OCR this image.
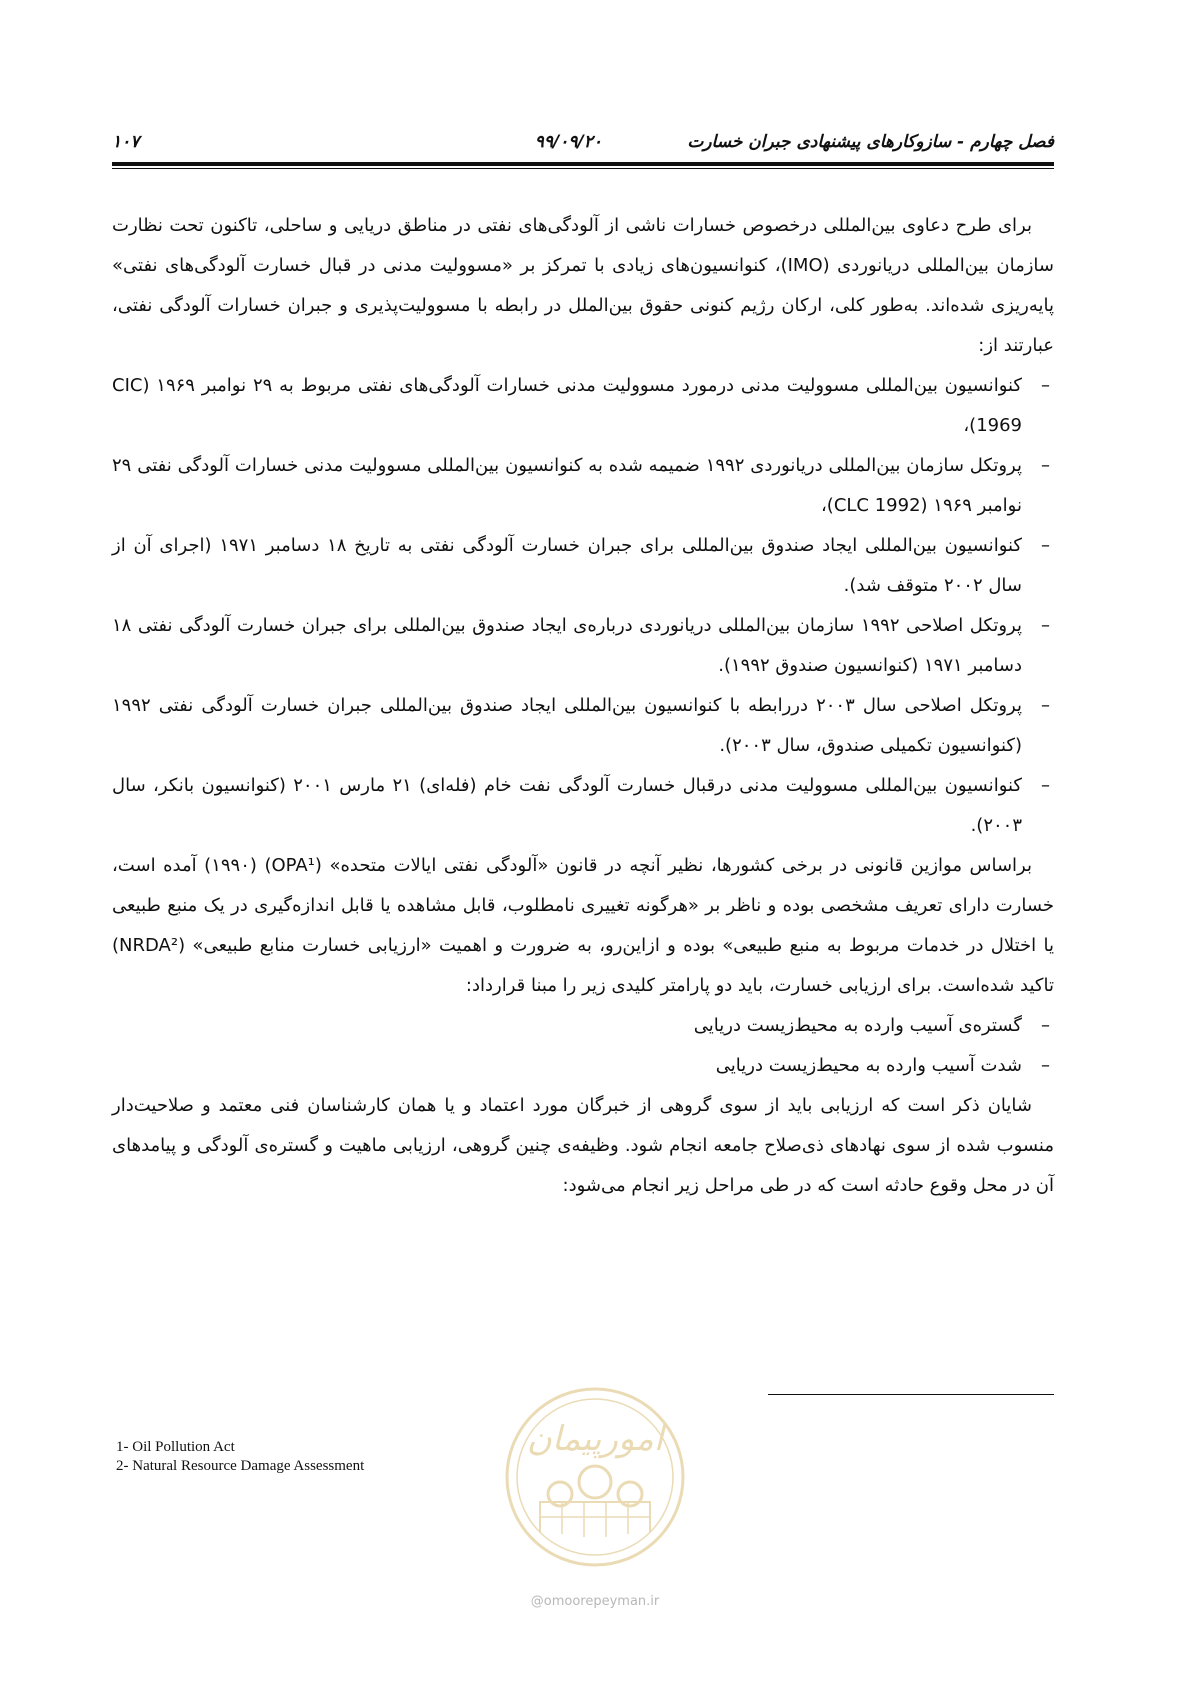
فصل چهارم - سازوکارهای پیشنهادی جبران خسارت
۹۹/۰۹/۲۰
۱۰۷

برای طرح دعاوی بین‌المللی درخصوص خسارات ناشی از آلودگی‌های نفتی در مناطق دریایی و ساحلی، تاکنون تحت نظارت سازمان بین‌المللی دریانوردی (IMO)، کنوانسیون‌های زیادی با تمرکز بر «مسوولیت مدنی در قبال خسارت آلودگی‌های نفتی» پایه‌ریزی شده‌اند. به‌طور کلی، ارکان رژیم کنونی حقوق بین‌الملل در رابطه با مسوولیت‌پذیری و جبران خسارات آلودگی نفتی، عبارتند از:

–
کنوانسیون بین‌المللی مسوولیت مدنی درمورد مسوولیت مدنی خسارات آلودگی‌های نفتی مربوط به ۲۹ نوامبر ۱۹۶۹ (CIC 1969)،
–
پروتکل سازمان بین‌المللی دریانوردی ۱۹۹۲ ضمیمه شده به کنوانسیون بین‌المللی مسوولیت مدنی خسارات آلودگی نفتی ۲۹ نوامبر ۱۹۶۹ (CLC 1992)،
–
کنوانسیون بین‌المللی ایجاد صندوق بین‌المللی برای جبران خسارت آلودگی نفتی به تاریخ ۱۸ دسامبر ۱۹۷۱ (اجرای آن از سال ۲۰۰۲ متوقف شد).
–
پروتکل اصلاحی ۱۹۹۲ سازمان بین‌المللی دریانوردی درباره‌ی ایجاد صندوق بین‌المللی برای جبران خسارت آلودگی نفتی ۱۸ دسامبر ۱۹۷۱ (کنوانسیون صندوق ۱۹۹۲).
–
پروتکل اصلاحی سال ۲۰۰۳ دررابطه با کنوانسیون بین‌المللی ایجاد صندوق بین‌المللی جبران خسارت آلودگی نفتی ۱۹۹۲ (کنوانسیون تکمیلی صندوق، سال ۲۰۰۳).
–
کنوانسیون بین‌المللی مسوولیت مدنی درقبال خسارت آلودگی نفت خام (فله‌ای) ۲۱ مارس ۲۰۰۱ (کنوانسیون بانکر، سال ۲۰۰۳).

براساس موازین قانونی در برخی کشورها، نظیر آنچه در قانون «آلودگی نفتی ایالات متحده» (OPA¹) (۱۹۹۰) آمده است، خسارت دارای تعریف مشخصی بوده و ناظر بر «هرگونه تغییری نامطلوب، قابل مشاهده یا قابل اندازه‌گیری در یک منبع طبیعی یا اختلال در خدمات مربوط به منبع طبیعی» بوده و ازاین‌رو، به ضرورت و اهمیت «ارزیابی خسارت منابع طبیعی» (NRDA²) تاکید شده‌است. برای ارزیابی خسارت، باید دو پارامتر کلیدی زیر را مبنا قرارداد:

–
گستره‌ی آسیب وارده به محیط‌زیست دریایی
–
شدت آسیب وارده به محیط‌زیست دریایی

شایان ذکر است که ارزیابی باید از سوی گروهی از خبرگان مورد اعتماد و یا همان کارشناسان فنی معتمد و صلاحیت‌دار منسوب شده از سوی نهادهای ذی‌صلاح جامعه انجام شود. وظیفه‌ی چنین گروهی، ارزیابی ماهیت و گستره‌ی آلودگی و پیامدهای آن در محل وقوع حادثه است که در طی مراحل زیر انجام می‌شود:

1- Oil Pollution Act
2- Natural Resource Damage Assessment
امورپیمان
@omoorepeyman.ir
